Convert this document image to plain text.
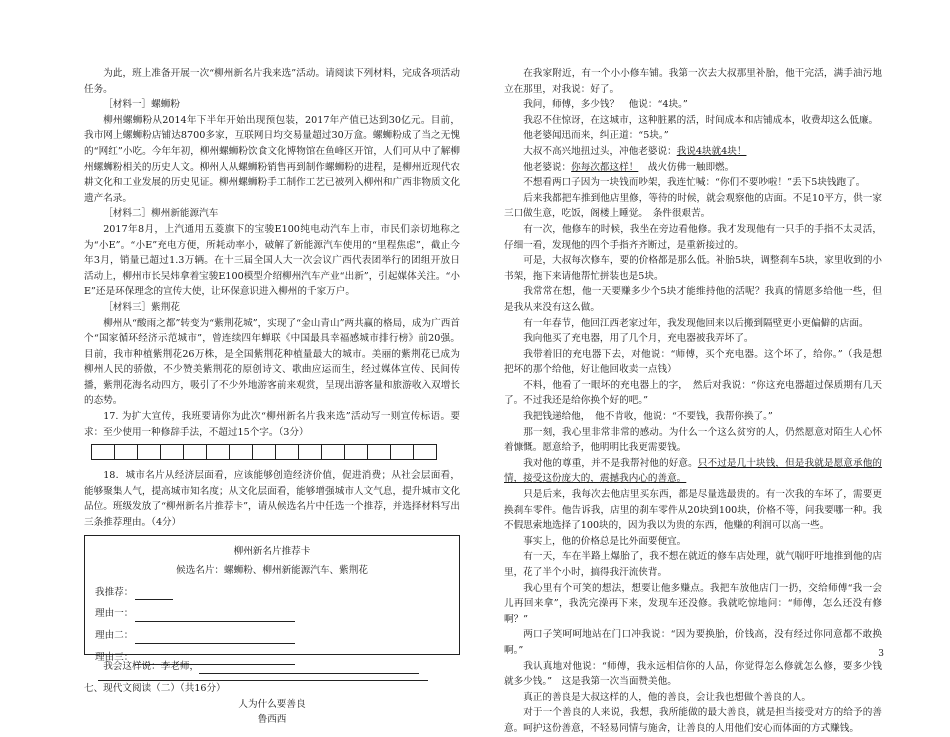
为此，班上准备开展一次“柳州新名片我来选”活动。请阅读下列材料，完成各项活动任务。

［材料一］螺蛳粉

柳州螺蛳粉从2014年下半年开始出现预包装，2017年产值已达到30亿元。目前，我市网上螺蛳粉店铺达8700多家，互联网日均交易量超过30万盒。螺蛳粉成了当之无愧的“网红”小吃。今年年初，柳州螺蛳粉饮食文化博物馆在鱼峰区开馆，人们可从中了解柳州螺蛳粉相关的历史人文。柳州人从螺蛳粉销售再到制作螺蛳粉的进程，是柳州近现代农耕文化和工业发展的历史见证。柳州螺蛳粉手工制作工艺已被列入柳州和广西非物质文化遗产名录。

［材料二］柳州新能源汽车

2017年8月，上汽通用五菱旗下的宝骏E100纯电动汽车上市，市民们亲切地称之为“小E”。“小E”充电方便，所耗动率小，破解了新能源汽车使用的“里程焦虑”，截止今年3月，销量已超过1.3万辆。在十三届全国人大一次会议广西代表团举行的团组开放日活动上，柳州市长吴炜拿着宝骏E100模型介绍柳州汽车产业“出新”，引起媒体关注。“小E”还是环保理念的宣传大使，让环保意识进入柳州的千家万户。

［材料三］紫荆花

柳州从“酸雨之都”转变为“紫荆花城”，实现了“金山青山”两共赢的格局，成为广西首个“国家循环经济示范城市”，曾连续四年蝉联《中国最具幸福感城市排行榜》前20强。目前，我市种植紫荆花26万株，是全国紫荆花种植量最大的城市。美丽的紫荆花已成为柳州人民的骄傲，不少赞美紫荆花的原创诗文、歌曲应运而生，经过媒体宣传、民间传播，紫荆花海名动四方，吸引了不少外地游客前来观赏，呈现出游客量和旅游收入双增长的态势。

17. 为扩大宣传，我班要请你为此次“柳州新名片我来选”活动写一则宣传标语。要求：至少使用一种修辞手法，不超过15个字。（3分）

18．城市名片从经济层面看，应该能够创造经济价值，促进消费；从社会层面看，能够聚集人气，提高城市知名度；从文化层面看，能够增强城市人文气息，提升城市文化品位。班级发放了“柳州新名片推荐卡”，请从候选名片中任选一个推荐，并选择材料写出三条推荐理由。（4分）

柳州新名片推荐卡
候选名片：螺蛳粉、柳州新能源汽车、紫荆花
我推荐：
理由一：
理由二：
理由三：

我会这样说：李老师，

七、现代文阅读（二）（共16分）

人为什么要善良

鲁西西

在我家附近，有一个小小修车铺。我第一次去大叔那里补胎，他干完活，满手油污地立在那里，对我说：好了。

我问，师傅，多少钱？　他说：“4块。”

我忍不住惊讶，在这城市，这种脏累的活，时间成本和店铺成本，收费却这么低廉。

他老婆闻迅而来，纠正道：“5块。”

大叔不高兴地扭过头，冲他老婆说：我说4块就4块！

他老婆说：你每次都这样！　 战火仿佛一触即燃。

不想看两口子因为一块钱而吵架，我连忙喊：“你们不要吵啦！”丢下5块钱跑了。

后来我都把车推到他店里修，等待的时候，就会观察他的店面。不足10平方，供一家三口做生意，吃饭，阁楼上睡觉。　条件很艰苦。

有一次，他修车的时候，我坐在旁边看他修。我才发现他有一只手的手指不太灵活，仔细一看，发现他的四个手指齐齐断过，是重新接过的。

可是，大叔每次修车，要的价格都是那么低。补胎5块，调整刹车5块，家里收到的小书架，拖下来请他帮忙拼装也是5块。

我常常在想，他一天要赚多少个5块才能维持他的活呢？我真的情愿多给他一些，但是我从来没有这么做。

有一年春节，他回江西老家过年，我发现他回来以后搬到隔壁更小更偏僻的店面。

我向他买了充电器，用了几个月，充电器被我弄坏了。

我带着旧的充电器下去，对他说：“师傅，买个充电器。这个坏了，给你。”（我是想把坏的那个给他，好让他回收卖一点钱）

不料，他看了一眼坏的充电器上的字，　然后对我说：“你这充电器超过保质期有几天了。不过我还是给你换个好的吧。”

我把钱递给他，　他不肯收，他说：“不要钱，我帮你换了。”

那一刻，我心里非常非常的感动。为什么一个这么贫穷的人，仍然愿意对陌生人心怀着慷慨。愿意给予，他明明比我更需要钱。

我对他的尊重，并不是我帮衬他的好意。只不过是几十块钱，但是我就是愿意承他的情，接受这份庞大的，震撼我内心的善意。

只是后来，我每次去他店里买东西，都是尽量选最贵的。有一次我的车坏了，需要更换刹车零件。他告诉我，店里的刹车零件从20块到100块，价格不等，问我要哪一种。我不假思索地选择了100块的，因为我以为贵的东西，他赚的利润可以高一些。

事实上，他的价格总是比外面要便宜。

有一天，车在半路上爆胎了，我不想在就近的修车店处理，就气喘吁吁地推到他的店里，花了半个小时，搞得我汗流侠背。

我心里有个可笑的想法，想要让他多赚点。我把车放他店门一扔，交给师傅“我一会儿再回来拿”，我洗完澡再下来，发现车还没修。我就吃惊地问：“师傅，怎么还没有修啊？”

两口子笑呵呵地站在门口冲我说：“因为要换胎，价钱高，没有经过你同意都不敢换啊。”

我认真地对他说：“师傅，我永远相信你的人品，你觉得怎么修就怎么修，要多少钱就多少钱。”　这是我第一次当面赞美他。

真正的善良是大叔这样的人，他的善良，会让我也想做个善良的人。

对于一个善良的人来说，我想，我所能做的最大善良，就是担当接受对方的给予的善意。呵护这份善意，不轻易同情与施舍，让善良的人用他们安心而体面的方式赚钱。

3
